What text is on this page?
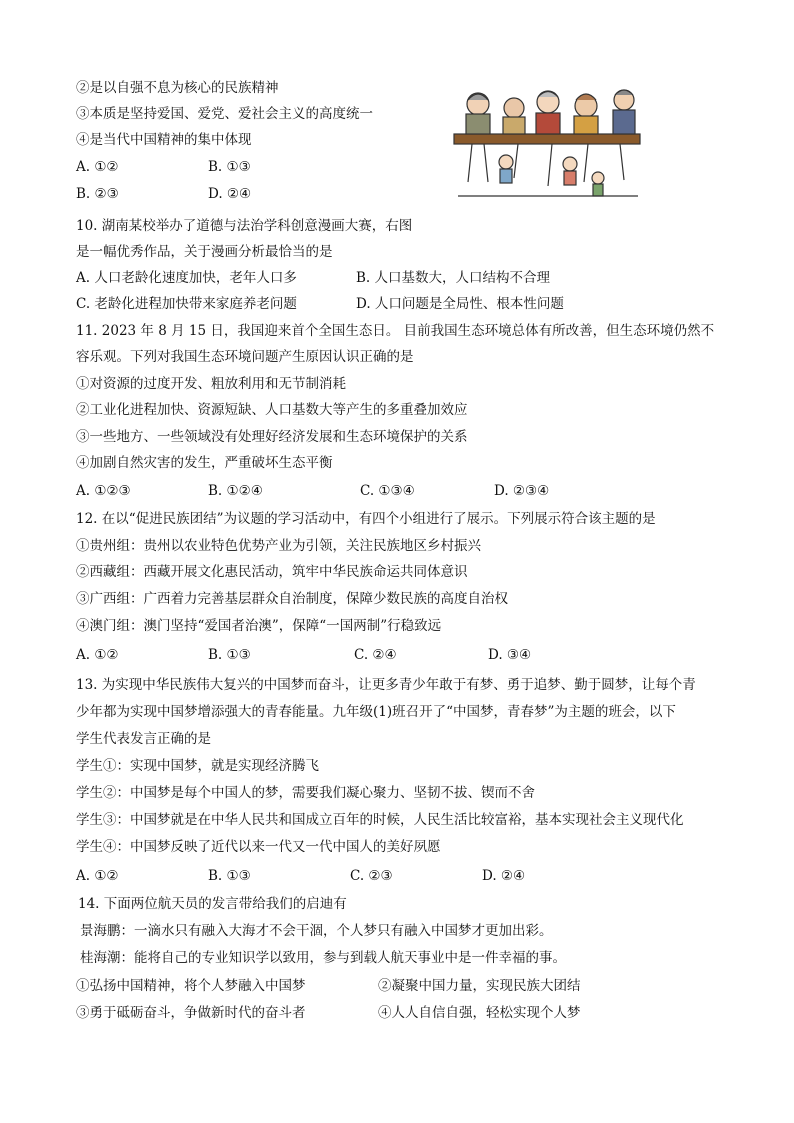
②是以自强不息为核心的民族精神
③本质是坚持爱国、爱党、爱社会主义的高度统一
④是当代中国精神的集中体现
A. ①②	B. ①③
B. ②③	D. ②④
10. 湖南某校举办了道德与法治学科创意漫画大赛，右图
是一幅优秀作品，关于漫画分析最恰当的是
A. 人口老龄化速度加快，老年人口多	B. 人口基数大，人口结构不合理
C. 老龄化进程加快带来家庭养老问题	D. 人口问题是全局性、根本性问题
11. 2023 年 8 月 15 日，我国迎来首个全国生态日。 目前我国生态环境总体有所改善，但生态环境仍然不
容乐观。下列对我国生态环境问题产生原因认识正确的是
①对资源的过度开发、粗放利用和无节制消耗
②工业化进程加快、资源短缺、人口基数大等产生的多重叠加效应
③一些地方、一些领域没有处理好经济发展和生态环境保护的关系
④加剧自然灾害的发生，严重破坏生态平衡
A. ①②③	B. ①②④	C. ①③④	D. ②③④
12. 在以“促进民族团结”为议题的学习活动中，有四个小组进行了展示。下列展示符合该主题的是
①贵州组：贵州以农业特色优势产业为引领，关注民族地区乡村振兴
②西藏组：西藏开展文化惠民活动，筑牢中华民族命运共同体意识
③广西组：广西着力完善基层群众自治制度，保障少数民族的高度自治权
④澳门组：澳门坚持“爱国者治澳”，保障“一国两制”行稳致远
A. ①②	B. ①③	C. ②④	D. ③④
13. 为实现中华民族伟大复兴的中国梦而奋斗，让更多青少年敢于有梦、勇于追梦、勤于圆梦，让每个青
少年都为实现中国梦增添强大的青春能量。九年级(1)班召开了“中国梦，青春梦”为主题的班会，以下
学生代表发言正确的是
学生①：实现中国梦，就是实现经济腾飞
学生②：中国梦是每个中国人的梦，需要我们凝心聚力、坚韧不拔、锲而不舍
学生③：中国梦就是在中华人民共和国成立百年的时候，人民生活比较富裕，基本实现社会主义现代化
学生④：中国梦反映了近代以来一代又一代中国人的美好夙愿
A. ①②	B. ①③	C. ②③	D. ②④
14. 下面两位航天员的发言带给我们的启迪有
景海鹏：一滴水只有融入大海才不会干涸，个人梦只有融入中国梦才更加出彩。
桂海潮：能将自己的专业知识学以致用，参与到载人航天事业中是一件幸福的事。
①弘扬中国精神，将个人梦融入中国梦	②凝聚中国力量，实现民族大团结
③勇于砥砺奋斗，争做新时代的奋斗者	④人人自信自强，轻松实现个人梦
